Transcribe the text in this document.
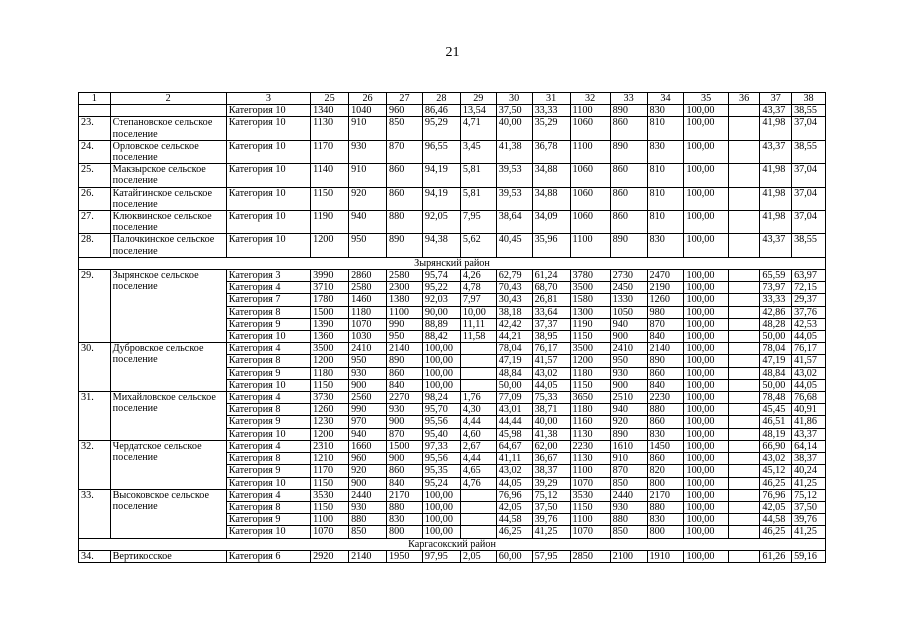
21
1	2	3	25	26	27	28	29	30	31	32	33	34	35	36	37	38
		Категория 10	1340	1040	960	86,46	13,54	37,50	33,33	1100	890	830	100,00		43,37	38,55
23.	Степановское сельское поселение	Категория 10	1130	910	850	95,29	4,71	40,00	35,29	1060	860	810	100,00		41,98	37,04
24.	Орловское сельское поселение	Категория 10	1170	930	870	96,55	3,45	41,38	36,78	1100	890	830	100,00		43,37	38,55
25.	Макзырское сельское поселение	Категория 10	1140	910	860	94,19	5,81	39,53	34,88	1060	860	810	100,00		41,98	37,04
26.	Катайгинское сельское поселение	Категория 10	1150	920	860	94,19	5,81	39,53	34,88	1060	860	810	100,00		41,98	37,04
27.	Клюквинское сельское поселение	Категория 10	1190	940	880	92,05	7,95	38,64	34,09	1060	860	810	100,00		41,98	37,04
28.	Палочкинское сельское поселение	Категория 10	1200	950	890	94,38	5,62	40,45	35,96	1100	890	830	100,00		43,37	38,55
Зырянский район																
29.	Зырянское сельское поселение	Категория 3	3990	2860	2580	95,74	4,26	62,79	61,24	3780	2730	2470	100,00		65,59	63,97
		Категория 4	3710	2580	2300	95,22	4,78	70,43	68,70	3500	2450	2190	100,00		73,97	72,15
		Категория 7	1780	1460	1380	92,03	7,97	30,43	26,81	1580	1330	1260	100,00		33,33	29,37
		Категория 8	1500	1180	1100	90,00	10,00	38,18	33,64	1300	1050	980	100,00		42,86	37,76
		Категория 9	1390	1070	990	88,89	11,11	42,42	37,37	1190	940	870	100,00		48,28	42,53
		Категория 10	1360	1030	950	88,42	11,58	44,21	38,95	1150	900	840	100,00		50,00	44,05
30.	Дубровское сельское поселение	Категория 4	3500	2410	2140	100,00		78,04	76,17	3500	2410	2140	100,00		78,04	76,17
		Категория 8	1200	950	890	100,00		47,19	41,57	1200	950	890	100,00		47,19	41,57
		Категория 9	1180	930	860	100,00		48,84	43,02	1180	930	860	100,00		48,84	43,02
		Категория 10	1150	900	840	100,00		50,00	44,05	1150	900	840	100,00		50,00	44,05
31.	Михайловское сельское поселение	Категория 4	3730	2560	2270	98,24	1,76	77,09	75,33	3650	2510	2230	100,00		78,48	76,68
		Категория 8	1260	990	930	95,70	4,30	43,01	38,71	1180	940	880	100,00		45,45	40,91
		Категория 9	1230	970	900	95,56	4,44	44,44	40,00	1160	920	860	100,00		46,51	41,86
		Категория 10	1200	940	870	95,40	4,60	45,98	41,38	1130	890	830	100,00		48,19	43,37
32.	Чердатское сельское поселение	Категория 4	2310	1660	1500	97,33	2,67	64,67	62,00	2230	1610	1450	100,00		66,90	64,14
		Категория 8	1210	960	900	95,56	4,44	41,11	36,67	1130	910	860	100,00		43,02	38,37
		Категория 9	1170	920	860	95,35	4,65	43,02	38,37	1100	870	820	100,00		45,12	40,24
		Категория 10	1150	900	840	95,24	4,76	44,05	39,29	1070	850	800	100,00		46,25	41,25
33.	Высоковское сельское поселение	Категория 4	3530	2440	2170	100,00		76,96	75,12	3530	2440	2170	100,00		76,96	75,12
		Категория 8	1150	930	880	100,00		42,05	37,50	1150	930	880	100,00		42,05	37,50
		Категория 9	1100	880	830	100,00		44,58	39,76	1100	880	830	100,00		44,58	39,76
		Категория 10	1070	850	800	100,00		46,25	41,25	1070	850	800	100,00		46,25	41,25
Каргасокский район																
34.	Вертикосское	Категория 6	2920	2140	1950	97,95	2,05	60,00	57,95	2850	2100	1910	100,00		61,26	59,16
